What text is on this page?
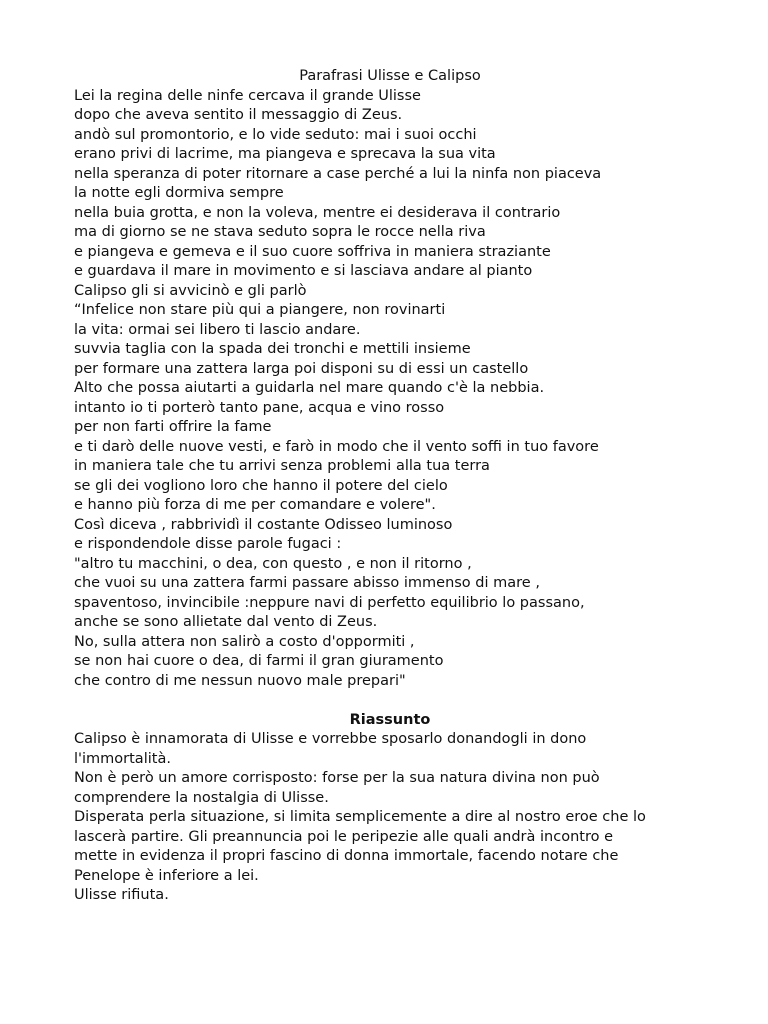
Parafrasi Ulisse e Calipso
Lei la regina delle ninfe cercava il grande Ulisse
dopo che aveva sentito il messaggio di Zeus.
andò sul promontorio, e lo vide seduto: mai i suoi occhi
erano privi di lacrime, ma piangeva e sprecava la sua vita
nella speranza di poter ritornare a case perché a lui la ninfa non piaceva
la notte egli dormiva sempre
nella buia grotta, e non la voleva, mentre ei desiderava il contrario
ma di giorno se ne stava seduto sopra le rocce nella riva
e piangeva e gemeva e il suo cuore soffriva in maniera straziante
e guardava il mare in movimento e si lasciava andare al pianto
Calipso gli si avvicinò e gli parlò
“Infelice non stare più qui a piangere, non rovinarti
la vita: ormai sei libero ti lascio andare.
suvvia taglia con la spada dei tronchi e mettili insieme
per formare una zattera larga poi disponi su di essi un castello
Alto che possa aiutarti a guidarla nel mare quando c'è la nebbia.
intanto io ti porterò tanto pane, acqua e vino rosso
per non farti offrire la fame
e ti darò delle nuove vesti, e farò in modo che il vento soffi in tuo favore
in maniera tale che tu arrivi senza problemi alla tua terra
se gli dei vogliono loro che hanno il potere del cielo
e hanno più forza di me per comandare e volere".
Così diceva , rabbrividì il costante Odisseo luminoso
e rispondendole disse parole fugaci :
"altro tu macchini, o dea, con questo , e non il ritorno ,
che vuoi su una zattera farmi passare abisso immenso di mare ,
spaventoso, invincibile :neppure navi di perfetto equilibrio lo passano,
anche se sono allietate dal vento di Zeus.
No, sulla attera non salirò a costo d'oppormiti ,
se non hai cuore o dea, di farmi il gran giuramento
che contro di me nessun nuovo male prepari"
Riassunto
Calipso è innamorata di Ulisse e vorrebbe sposarlo donandogli in dono
l'immortalità.
Non è però un amore corrisposto: forse per la sua natura divina non può
comprendere la nostalgia di Ulisse.
Disperata perla situazione, si limita semplicemente a dire al nostro eroe che lo
lascerà partire. Gli preannuncia poi le peripezie alle quali andrà incontro e
mette in evidenza il propri fascino di donna immortale, facendo notare che
Penelope è inferiore a lei.
Ulisse rifiuta.
